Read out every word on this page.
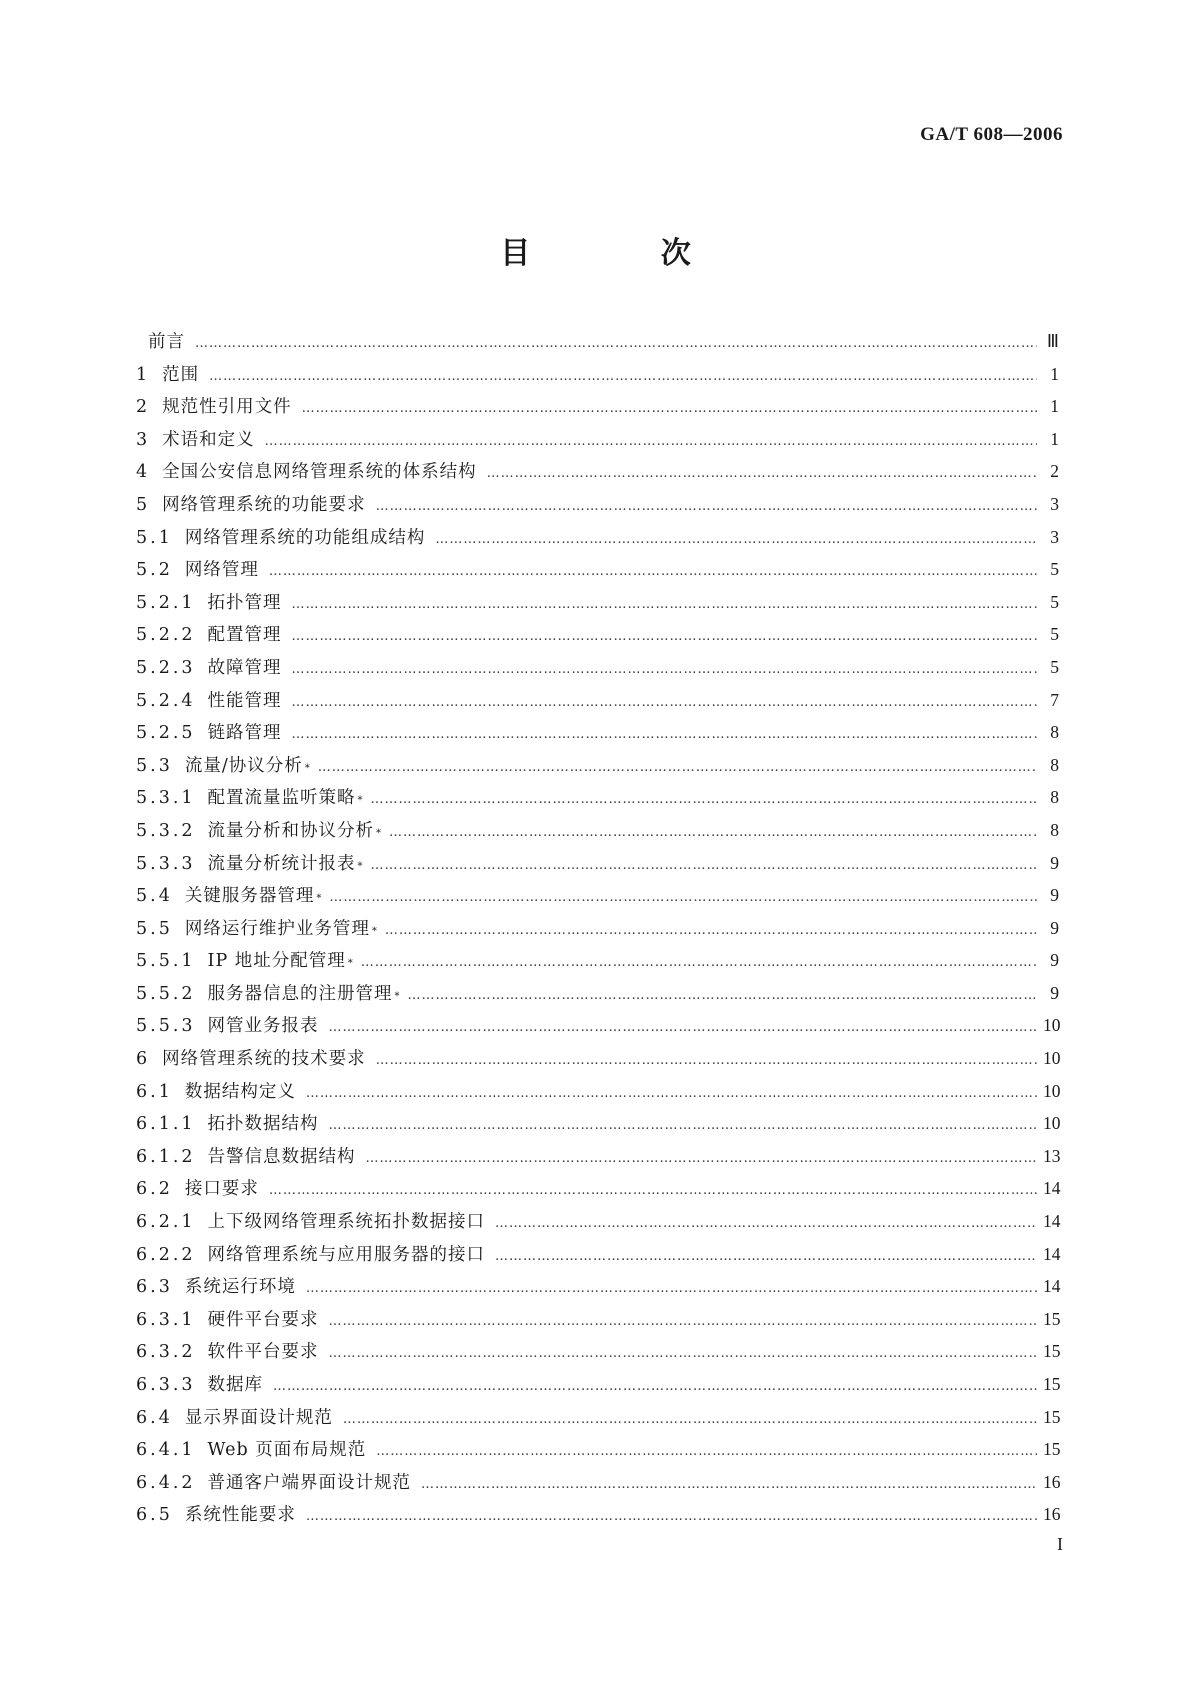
GA/T 608—2006
目 次
前言 ………………………………………………………………………………………………………………………………………………………………………………	Ⅲ
1 范围 ………………………………………………………………………………………………………………………………………………………………………………	1
2 规范性引用文件 ………………………………………………………………………………………………………………………………………………………………………………	1
3 术语和定义 ………………………………………………………………………………………………………………………………………………………………………………	1
4 全国公安信息网络管理系统的体系结构 ………………………………………………………………………………………………………………………………………………………………………………	2
5 网络管理系统的功能要求 ………………………………………………………………………………………………………………………………………………………………………………	3
5.1 网络管理系统的功能组成结构 ………………………………………………………………………………………………………………………………………………………………………………	3
5.2 网络管理 ………………………………………………………………………………………………………………………………………………………………………………	5
5.2.1 拓扑管理 ………………………………………………………………………………………………………………………………………………………………………………	5
5.2.2 配置管理 ………………………………………………………………………………………………………………………………………………………………………………	5
5.2.3 故障管理 ………………………………………………………………………………………………………………………………………………………………………………	5
5.2.4 性能管理 ………………………………………………………………………………………………………………………………………………………………………………	7
5.2.5 链路管理 ………………………………………………………………………………………………………………………………………………………………………………	8
5.3 流量/协议分析 * ………………………………………………………………………………………………………………………………………………………………………………	8
5.3.1 配置流量监听策略 * ………………………………………………………………………………………………………………………………………………………………………………	8
5.3.2 流量分析和协议分析 * ………………………………………………………………………………………………………………………………………………………………………………	8
5.3.3 流量分析统计报表 * ………………………………………………………………………………………………………………………………………………………………………………	9
5.4 关键服务器管理 * ………………………………………………………………………………………………………………………………………………………………………………	9
5.5 网络运行维护业务管理 * ………………………………………………………………………………………………………………………………………………………………………………	9
5.5.1 IP 地址分配管理 * ………………………………………………………………………………………………………………………………………………………………………………	9
5.5.2 服务器信息的注册管理 * ………………………………………………………………………………………………………………………………………………………………………………	9
5.5.3 网管业务报表 ………………………………………………………………………………………………………………………………………………………………………………	10
6 网络管理系统的技术要求 ………………………………………………………………………………………………………………………………………………………………………………	10
6.1 数据结构定义 ………………………………………………………………………………………………………………………………………………………………………………	10
6.1.1 拓扑数据结构 ………………………………………………………………………………………………………………………………………………………………………………	10
6.1.2 告警信息数据结构 ………………………………………………………………………………………………………………………………………………………………………………	13
6.2 接口要求 ………………………………………………………………………………………………………………………………………………………………………………	14
6.2.1 上下级网络管理系统拓扑数据接口 ………………………………………………………………………………………………………………………………………………………………………………	14
6.2.2 网络管理系统与应用服务器的接口 ………………………………………………………………………………………………………………………………………………………………………………	14
6.3 系统运行环境 ………………………………………………………………………………………………………………………………………………………………………………	14
6.3.1 硬件平台要求 ………………………………………………………………………………………………………………………………………………………………………………	15
6.3.2 软件平台要求 ………………………………………………………………………………………………………………………………………………………………………………	15
6.3.3 数据库 ………………………………………………………………………………………………………………………………………………………………………………	15
6.4 显示界面设计规范 ………………………………………………………………………………………………………………………………………………………………………………	15
6.4.1 Web 页面布局规范 ………………………………………………………………………………………………………………………………………………………………………………	15
6.4.2 普通客户端界面设计规范 ………………………………………………………………………………………………………………………………………………………………………………	16
6.5 系统性能要求 ………………………………………………………………………………………………………………………………………………………………………………	16
I
